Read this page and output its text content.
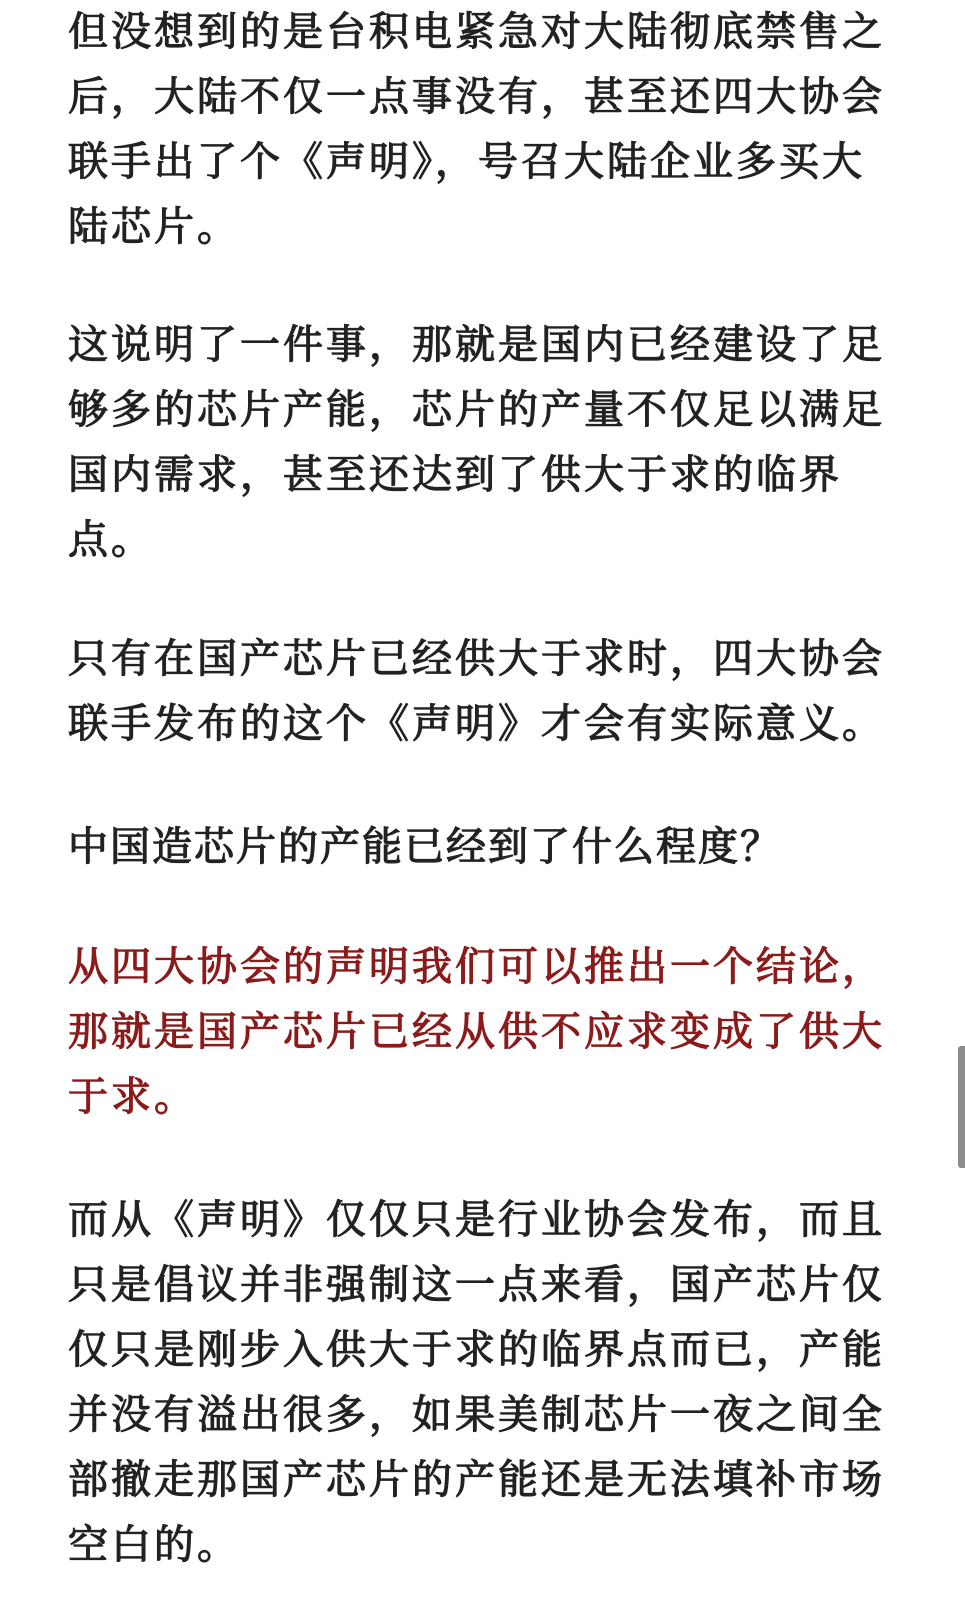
但没想到的是台积电紧急对大陆彻底禁售之后，大陆不仅一点事没有，甚至还四大协会联手出了个《声明》，号召大陆企业多买大陆芯片。

这说明了一件事，那就是国内已经建设了足够多的芯片产能，芯片的产量不仅足以满足国内需求，甚至还达到了供大于求的临界点。

只有在国产芯片已经供大于求时，四大协会联手发布的这个《声明》才会有实际意义。

中国造芯片的产能已经到了什么程度？

从四大协会的声明我们可以推出一个结论，那就是国产芯片已经从供不应求变成了供大于求。

而从《声明》仅仅只是行业协会发布，而且只是倡议并非强制这一点来看，国产芯片仅仅只是刚步入供大于求的临界点而已，产能并没有溢出很多，如果美制芯片一夜之间全部撤走那国产芯片的产能还是无法填补市场空白的。
